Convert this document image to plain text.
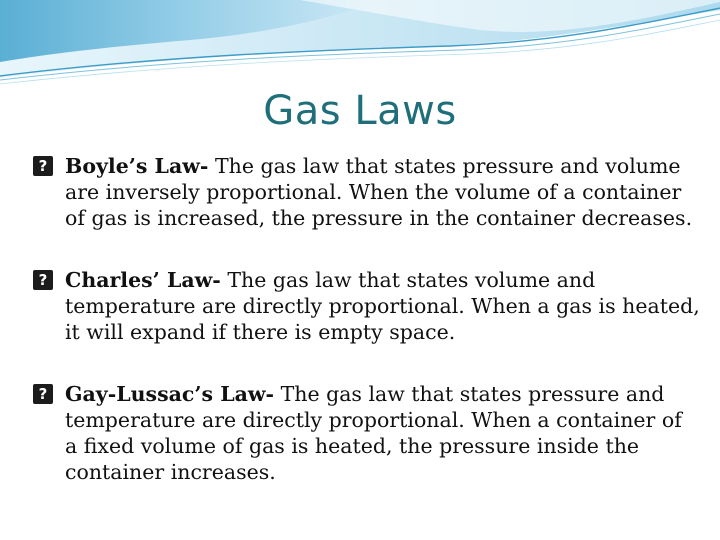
Gas Laws

? Boyle’s Law- The gas law that states pressure and volume are inversely proportional. When the volume of a container of gas is increased, the pressure in the container decreases.

? Charles’ Law- The gas law that states volume and temperature are directly proportional. When a gas is heated, it will expand if there is empty space.

? Gay-Lussac’s Law- The gas law that states pressure and temperature are directly proportional. When a container of a fixed volume of gas is heated, the pressure inside the container increases.
